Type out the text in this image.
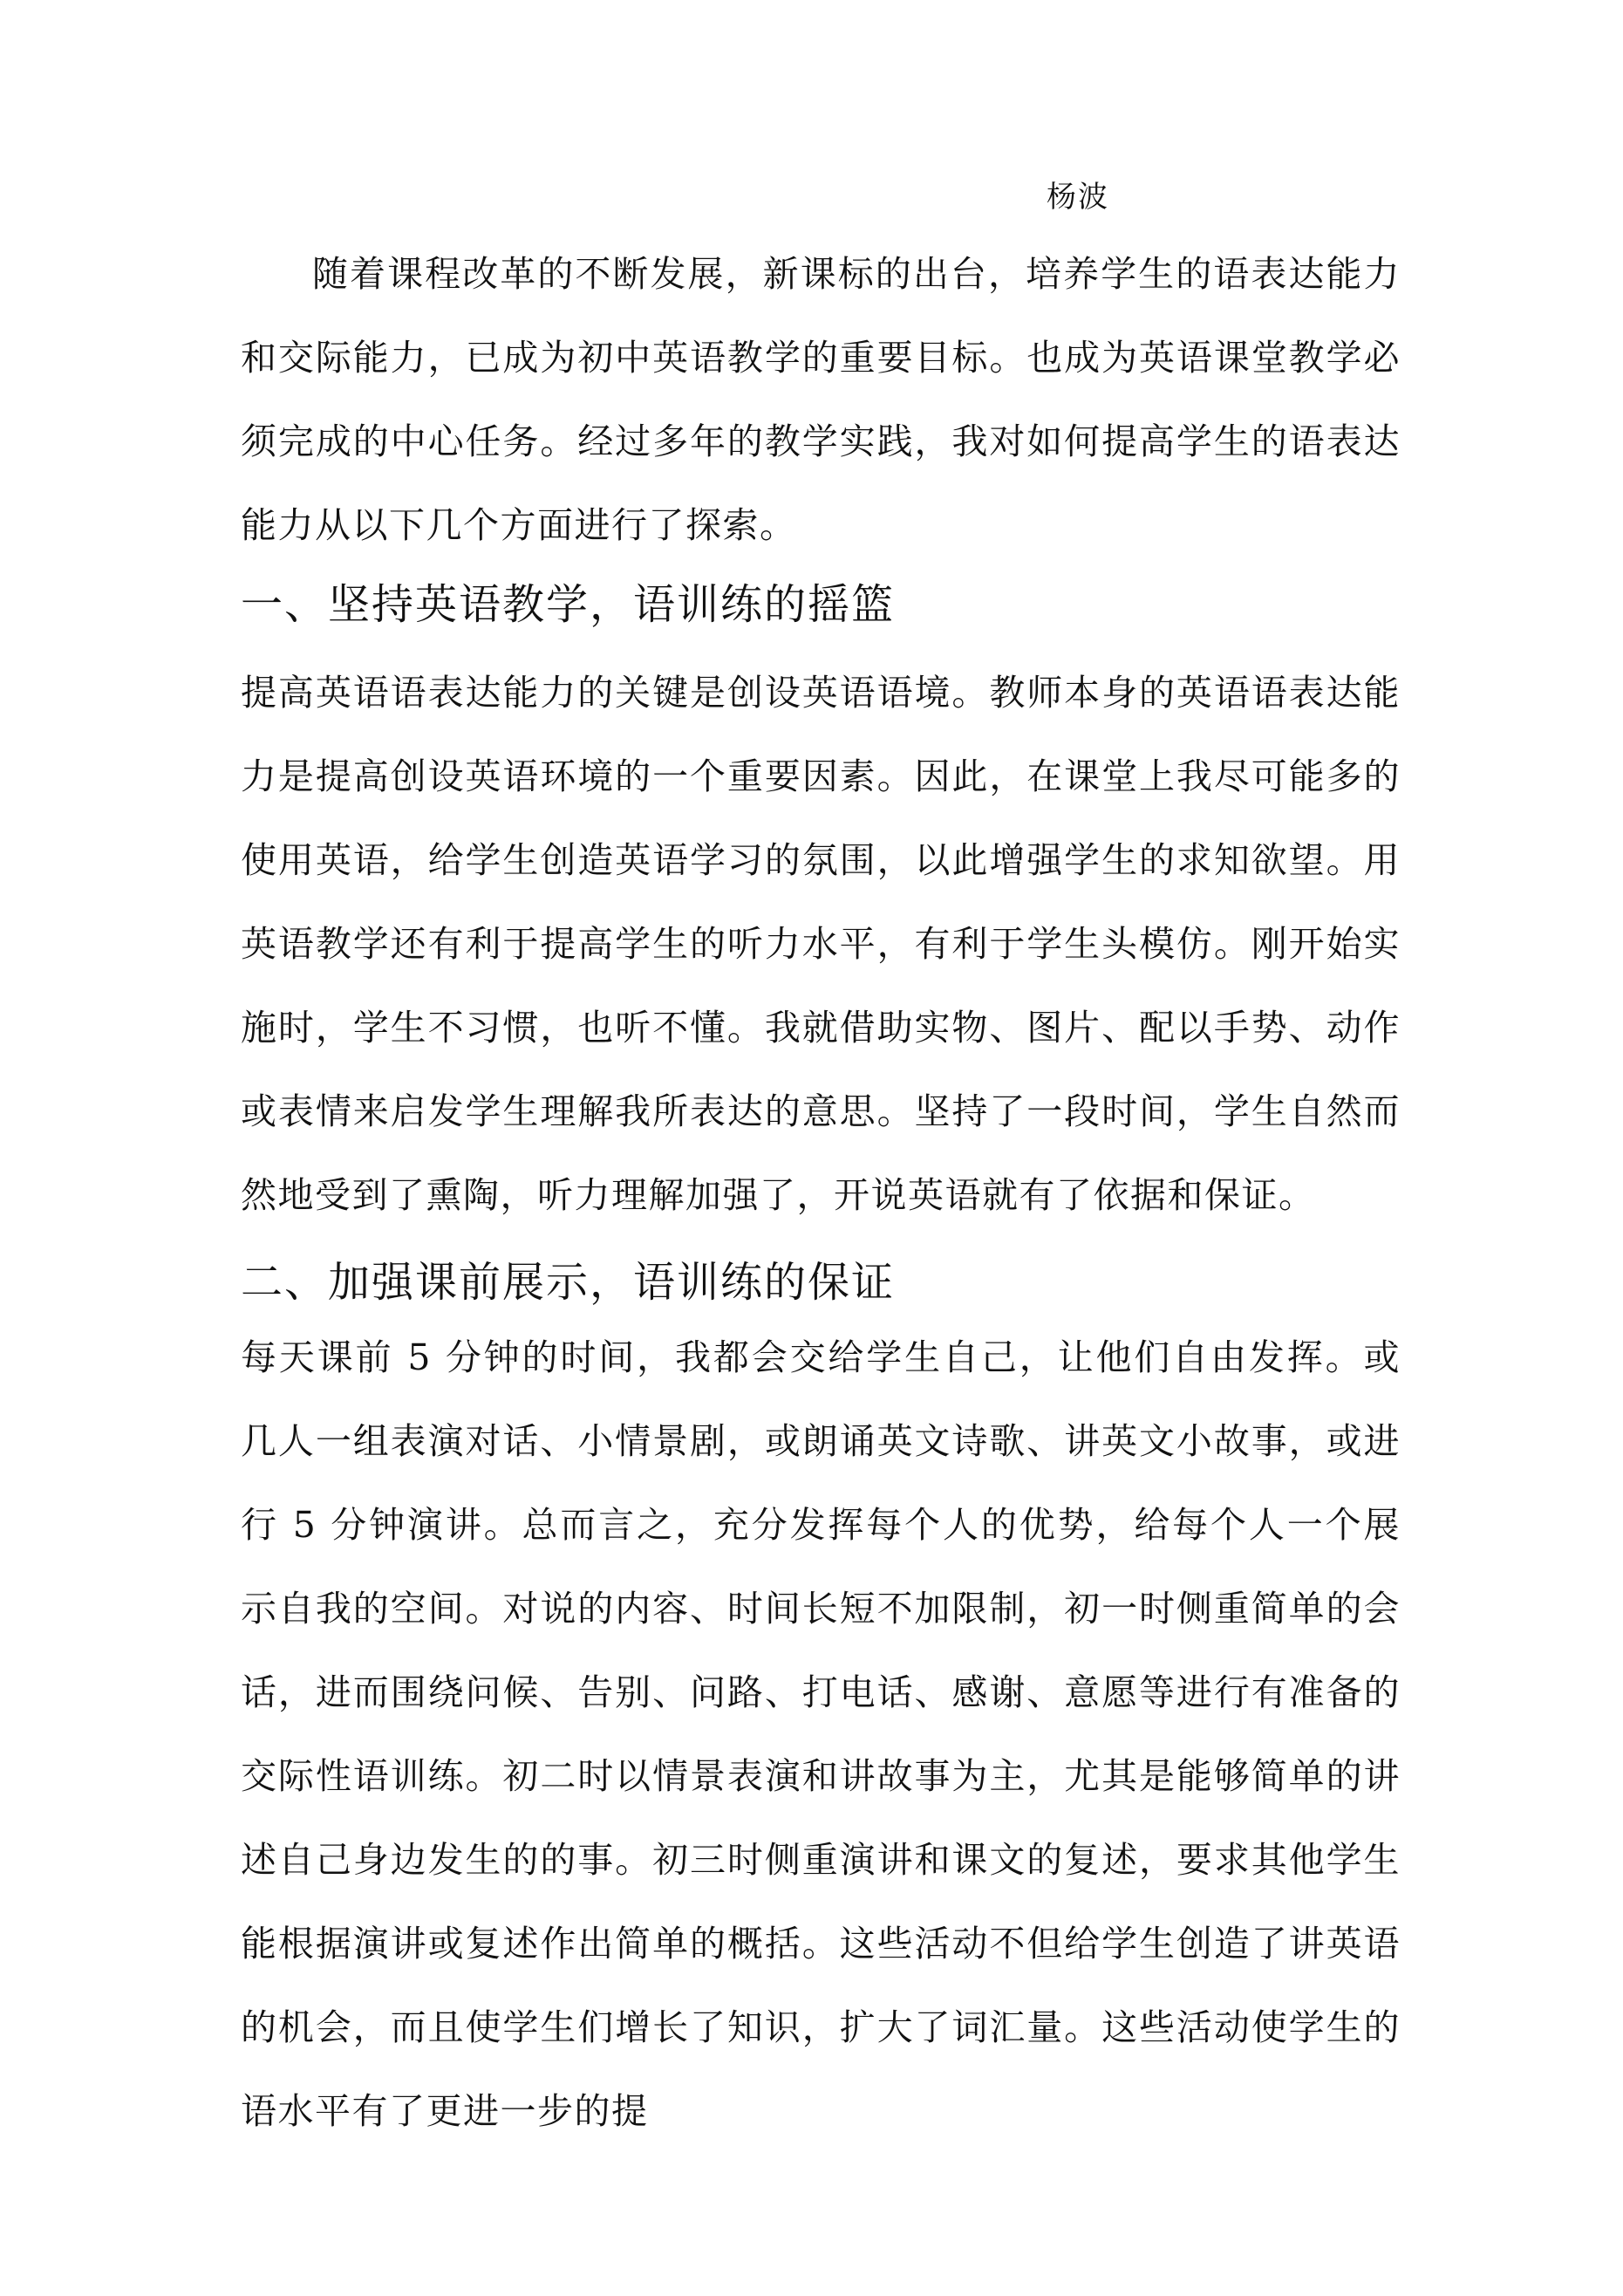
杨波
随着课程改革的不断发展，新课标的出台，培养学生的语表达能力和交际能力，已成为初中英语教学的重要目标。也成为英语课堂教学必须完成的中心任务。经过多年的教学实践，我对如何提高学生的语表达能力从以下几个方面进行了探索。
一、坚持英语教学，语训练的摇篮
提高英语语表达能力的关键是创设英语语境。教师本身的英语语表达能力是提高创设英语环境的一个重要因素。因此，在课堂上我尽可能多的使用英语，给学生创造英语学习的氛围，以此增强学生的求知欲望。用英语教学还有利于提高学生的听力水平，有利于学生头模仿。刚开始实施时，学生不习惯，也听不懂。我就借助实物、图片、配以手势、动作或表情来启发学生理解我所表达的意思。坚持了一段时间，学生自然而然地受到了熏陶，听力理解加强了，开说英语就有了依据和保证。
二、加强课前展示，语训练的保证
每天课前 5 分钟的时间，我都会交给学生自己，让他们自由发挥。或几人一组表演对话、小情景剧，或朗诵英文诗歌、讲英文小故事，或进行 5 分钟演讲。总而言之，充分发挥每个人的优势，给每个人一个展示自我的空间。对说的内容、时间长短不加限制，初一时侧重简单的会话，进而围绕问候、告别、问路、打电话、感谢、意愿等进行有准备的交际性语训练。初二时以情景表演和讲故事为主，尤其是能够简单的讲述自己身边发生的的事。初三时侧重演讲和课文的复述，要求其他学生能根据演讲或复述作出简单的概括。这些活动不但给学生创造了讲英语的机会，而且使学生们增长了知识，扩大了词汇量。这些活动使学生的语水平有了更进一步的提
